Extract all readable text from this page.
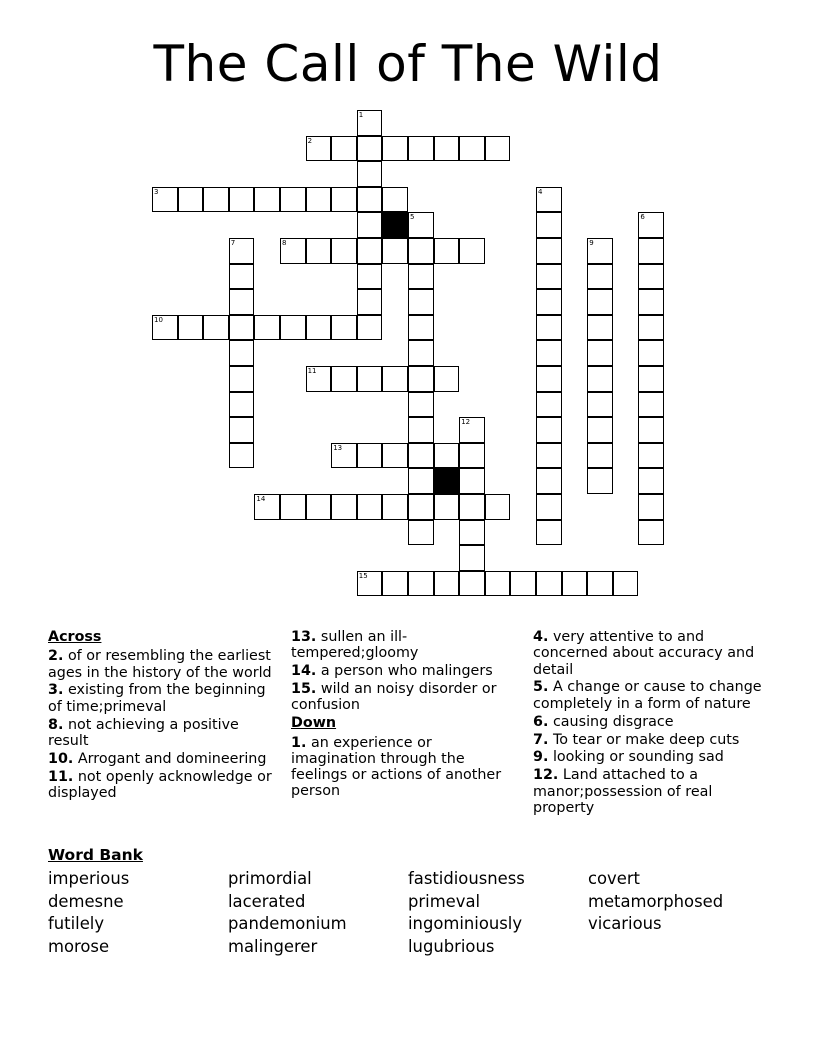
The Call of The Wild
2
3
8
10
11
13
14
15
1
4
5	6
7	9
12
Across
2. of or resembling the earliest ages in the history of the world
3. existing from the beginning of time;primeval
8. not achieving a positive result
10. Arrogant and domineering
11. not openly acknowledge or displayed
13. sullen an ill-tempered;gloomy
14. a person who malingers
15. wild an noisy disorder or confusion
Down
1. an experience or imagination through the feelings or actions of another person
4. very attentive to and concerned about accuracy and detail
5. A change or cause to change completely in a form of nature
6. causing disgrace
7. To tear or make deep cuts
9. looking or sounding sad
12. Land attached to a manor;possession of real property
Word Bank
imperious	primordial	fastidiousness	covert
demesne	lacerated	primeval	metamorphosed
futilely	pandemonium	ingominiously	vicarious
morose	malingerer	lugubrious
